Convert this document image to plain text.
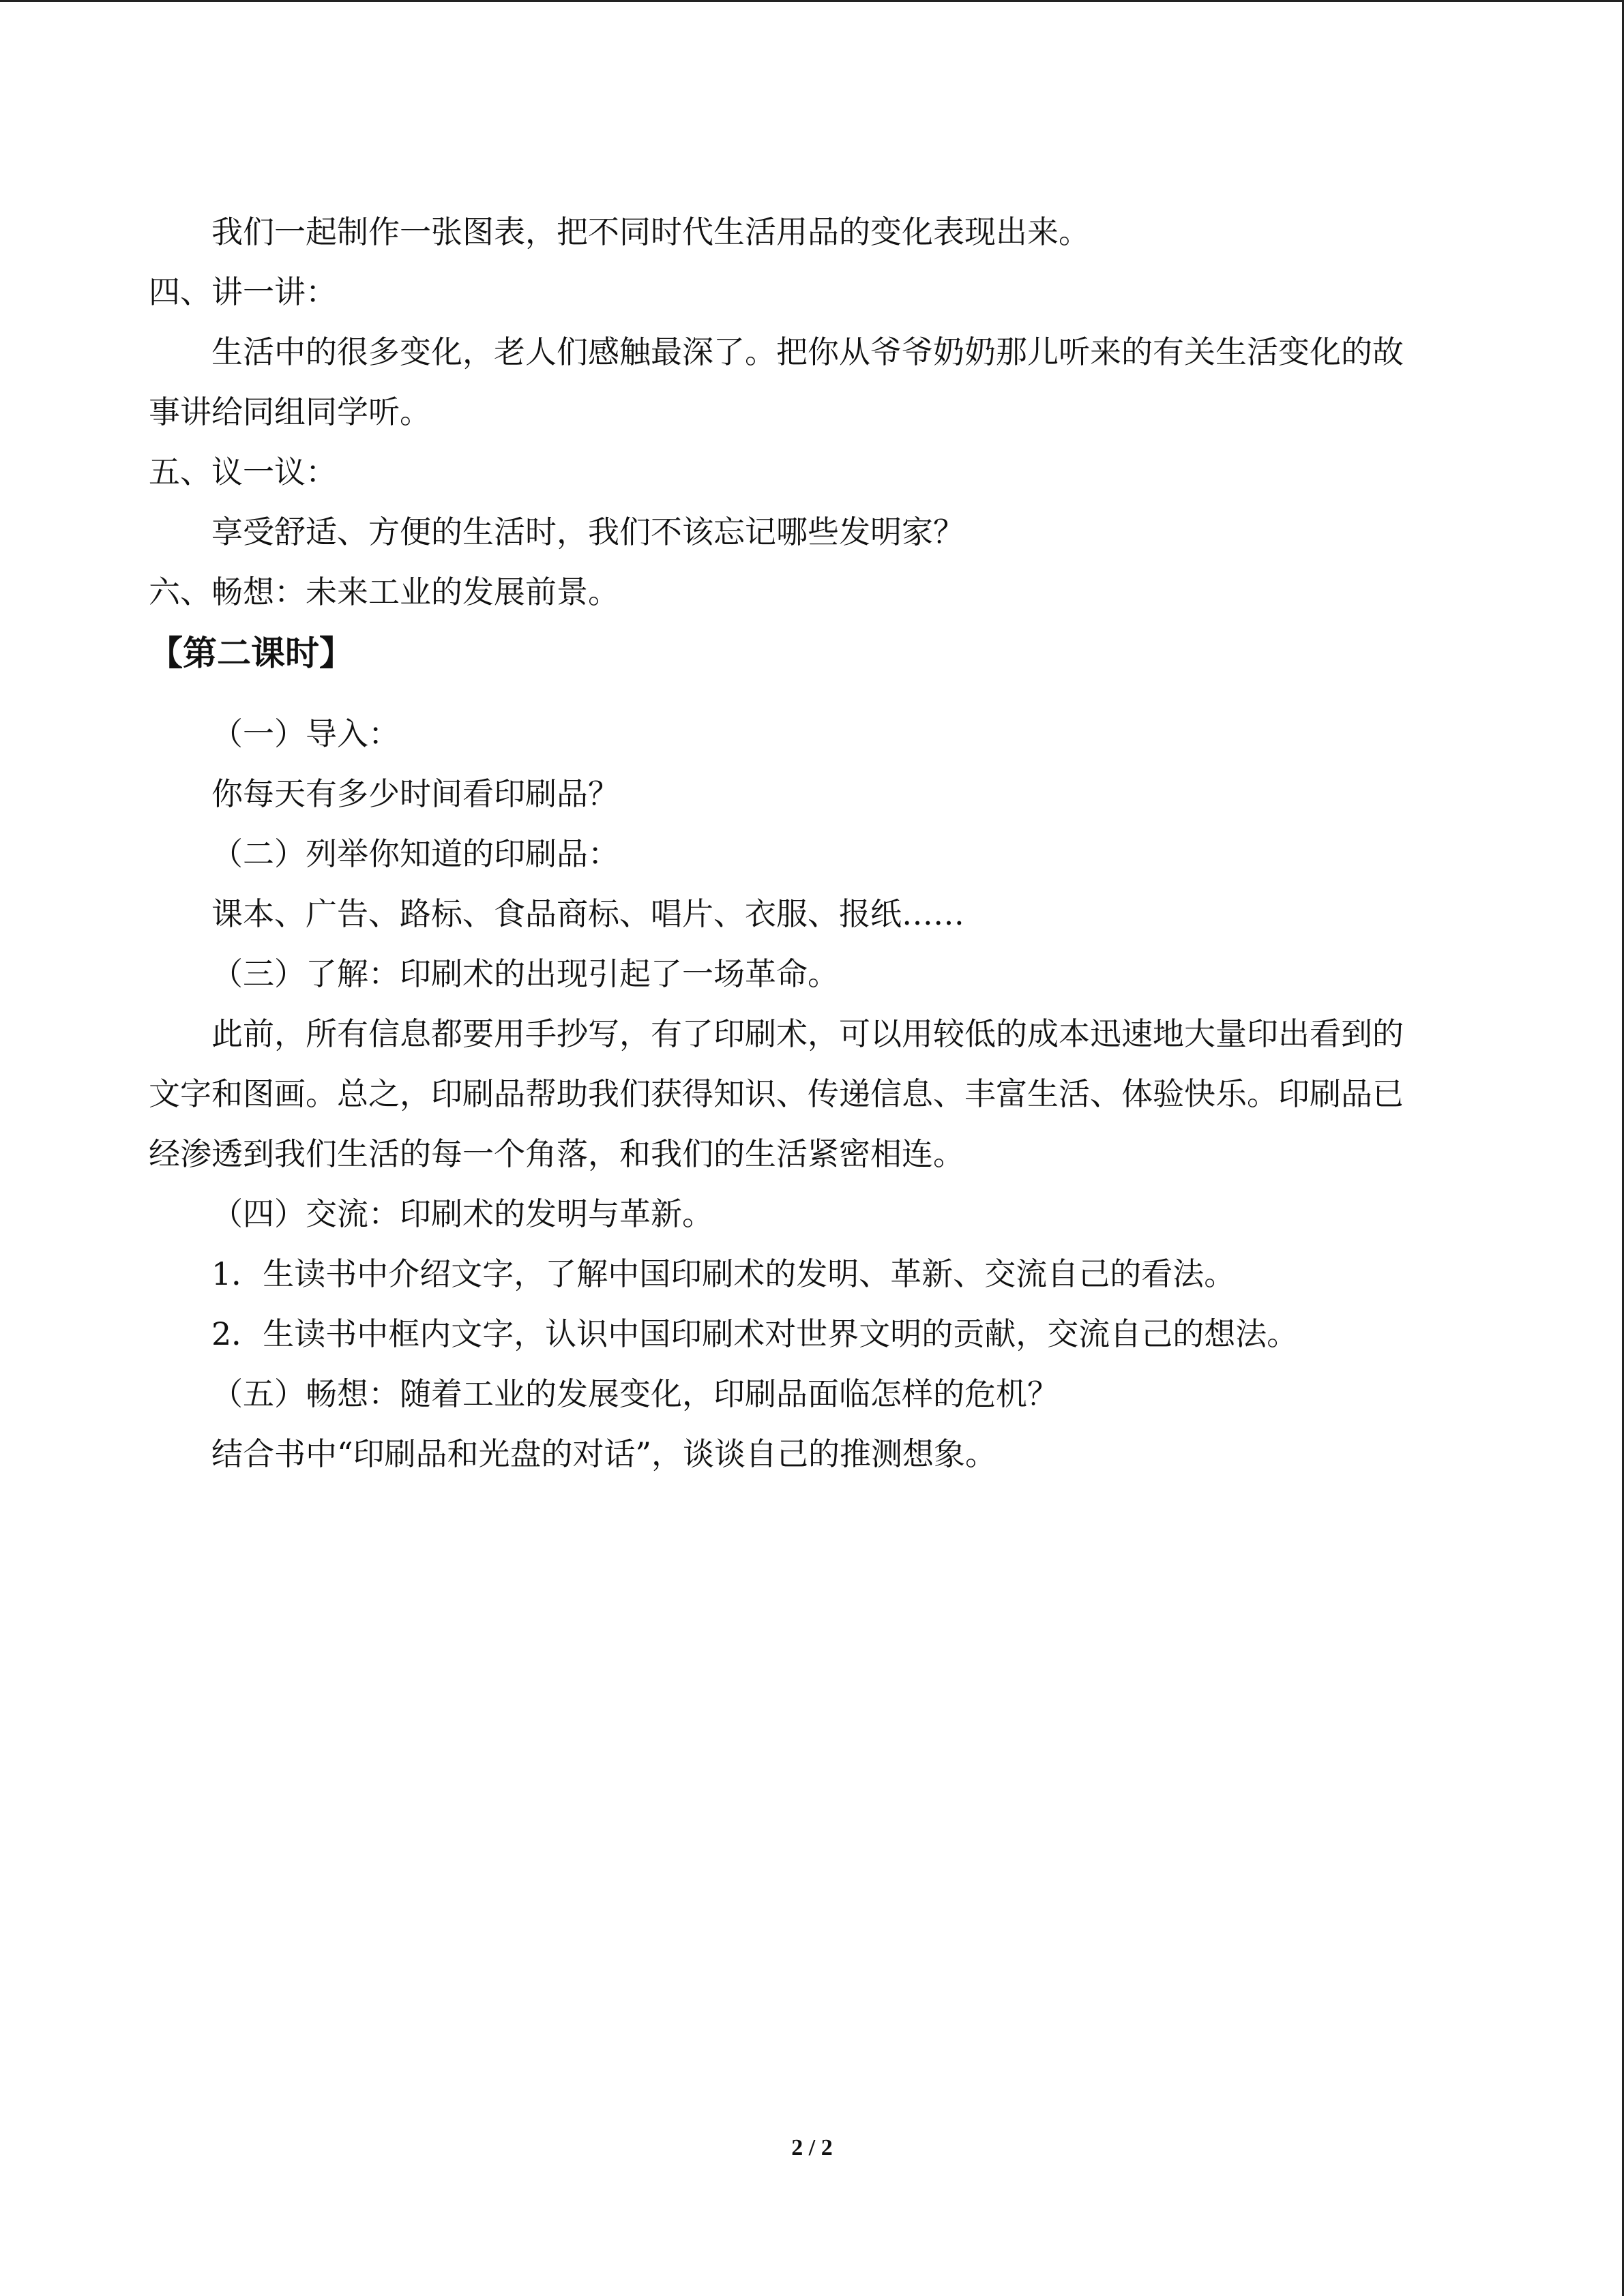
我们一起制作一张图表，把不同时代生活用品的变化表现出来。
四、讲一讲：
生活中的很多变化，老人们感触最深了。把你从爷爷奶奶那儿听来的有关生活变化的故
事讲给同组同学听。
五、议一议：
享受舒适、方便的生活时，我们不该忘记哪些发明家？
六、畅想：未来工业的发展前景。
【第二课时】
（一）导入：
你每天有多少时间看印刷品？
（二）列举你知道的印刷品：
课本、广告、路标、食品商标、唱片、衣服、报纸……
（三）了解：印刷术的出现引起了一场革命。
此前，所有信息都要用手抄写，有了印刷术，可以用较低的成本迅速地大量印出看到的
文字和图画。总之，印刷品帮助我们获得知识、传递信息、丰富生活、体验快乐。印刷品已
经渗透到我们生活的每一个角落，和我们的生活紧密相连。
（四）交流：印刷术的发明与革新。
1．生读书中介绍文字，了解中国印刷术的发明、革新、交流自己的看法。
2．生读书中框内文字，认识中国印刷术对世界文明的贡献，交流自己的想法。
（五）畅想：随着工业的发展变化，印刷品面临怎样的危机？
结合书中“印刷品和光盘的对话”，谈谈自己的推测想象。
2 / 2
